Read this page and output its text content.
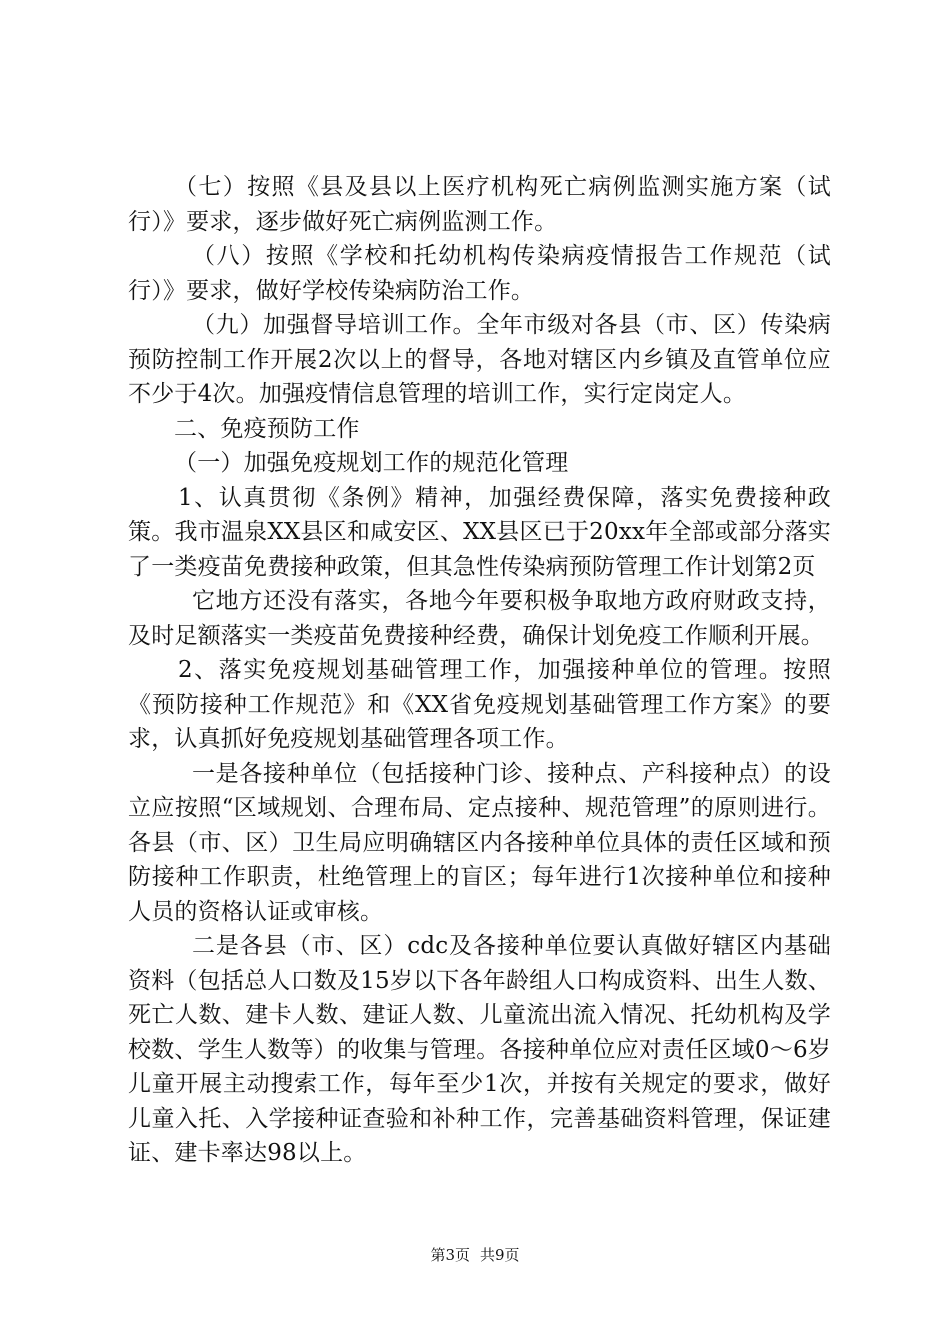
（七）按照《县及县以上医疗机构死亡病例监测实施方案（试行）》要求，逐步做好死亡病例监测工作。

（八）按照《学校和托幼机构传染病疫情报告工作规范（试行）》要求，做好学校传染病防治工作。

（九）加强督导培训工作。全年市级对各县（市、区）传染病预防控制工作开展2次以上的督导，各地对辖区内乡镇及直管单位应不少于4次。加强疫情信息管理的培训工作，实行定岗定人。

二、免疫预防工作

（一）加强免疫规划工作的规范化管理

1、认真贯彻《条例》精神，加强经费保障，落实免费接种政策。我市温泉XX县区和咸安区、XX县区已于20xx年全部或部分落实了一类疫苗免费接种政策，但其急性传染病预防管理工作计划第2页

它地方还没有落实，各地今年要积极争取地方政府财政支持，及时足额落实一类疫苗免费接种经费，确保计划免疫工作顺利开展。

2、落实免疫规划基础管理工作，加强接种单位的管理。按照《预防接种工作规范》和《XX省免疫规划基础管理工作方案》的要求，认真抓好免疫规划基础管理各项工作。

一是各接种单位（包括接种门诊、接种点、产科接种点）的设立应按照“区域规划、合理布局、定点接种、规范管理”的原则进行。各县（市、区）卫生局应明确辖区内各接种单位具体的责任区域和预防接种工作职责，杜绝管理上的盲区；每年进行1次接种单位和接种人员的资格认证或审核。

二是各县（市、区）cdc及各接种单位要认真做好辖区内基础资料（包括总人口数及15岁以下各年龄组人口构成资料、出生人数、死亡人数、建卡人数、建证人数、儿童流出流入情况、托幼机构及学校数、学生人数等）的收集与管理。各接种单位应对责任区域0～6岁儿童开展主动搜索工作，每年至少1次，并按有关规定的要求，做好儿童入托、入学接种证查验和补种工作，完善基础资料管理，保证建证、建卡率达98以上。

第3页 共9页
